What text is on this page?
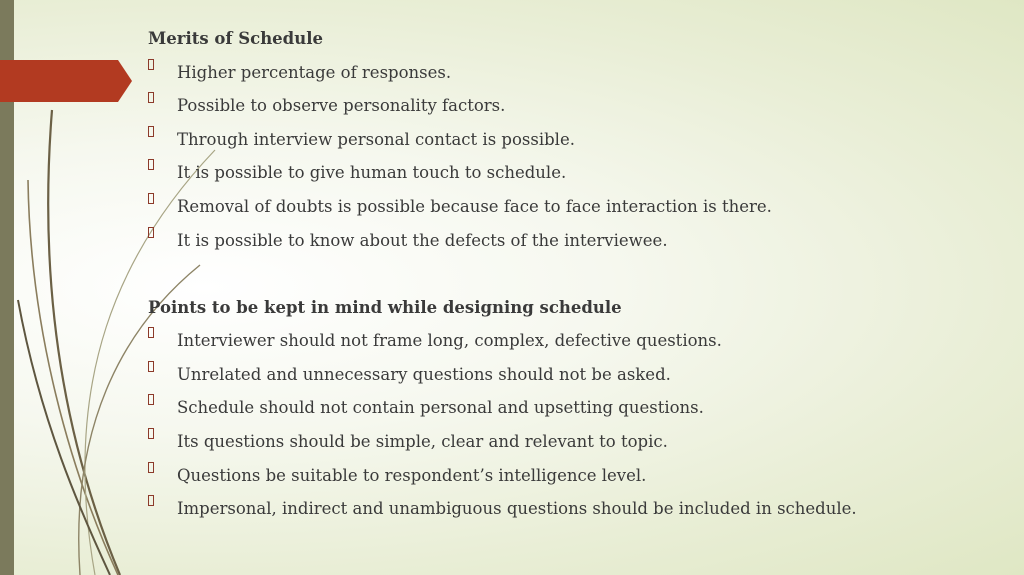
Merits of Schedule

Higher percentage of responses.
Possible to observe personality factors.
Through interview personal contact is possible.
It is possible to give human touch to schedule.
Removal of doubts is possible because face to face interaction is there.
It is possible to know about the defects of the interviewee.

Points to be kept in mind while designing schedule

Interviewer should not frame long, complex, defective questions.
Unrelated and unnecessary questions should not be asked.
Schedule should not contain personal and upsetting questions.
Its questions should be simple, clear and relevant to topic.
Questions be suitable to respondent’s intelligence level.
Impersonal, indirect and unambiguous questions should be included in schedule.
